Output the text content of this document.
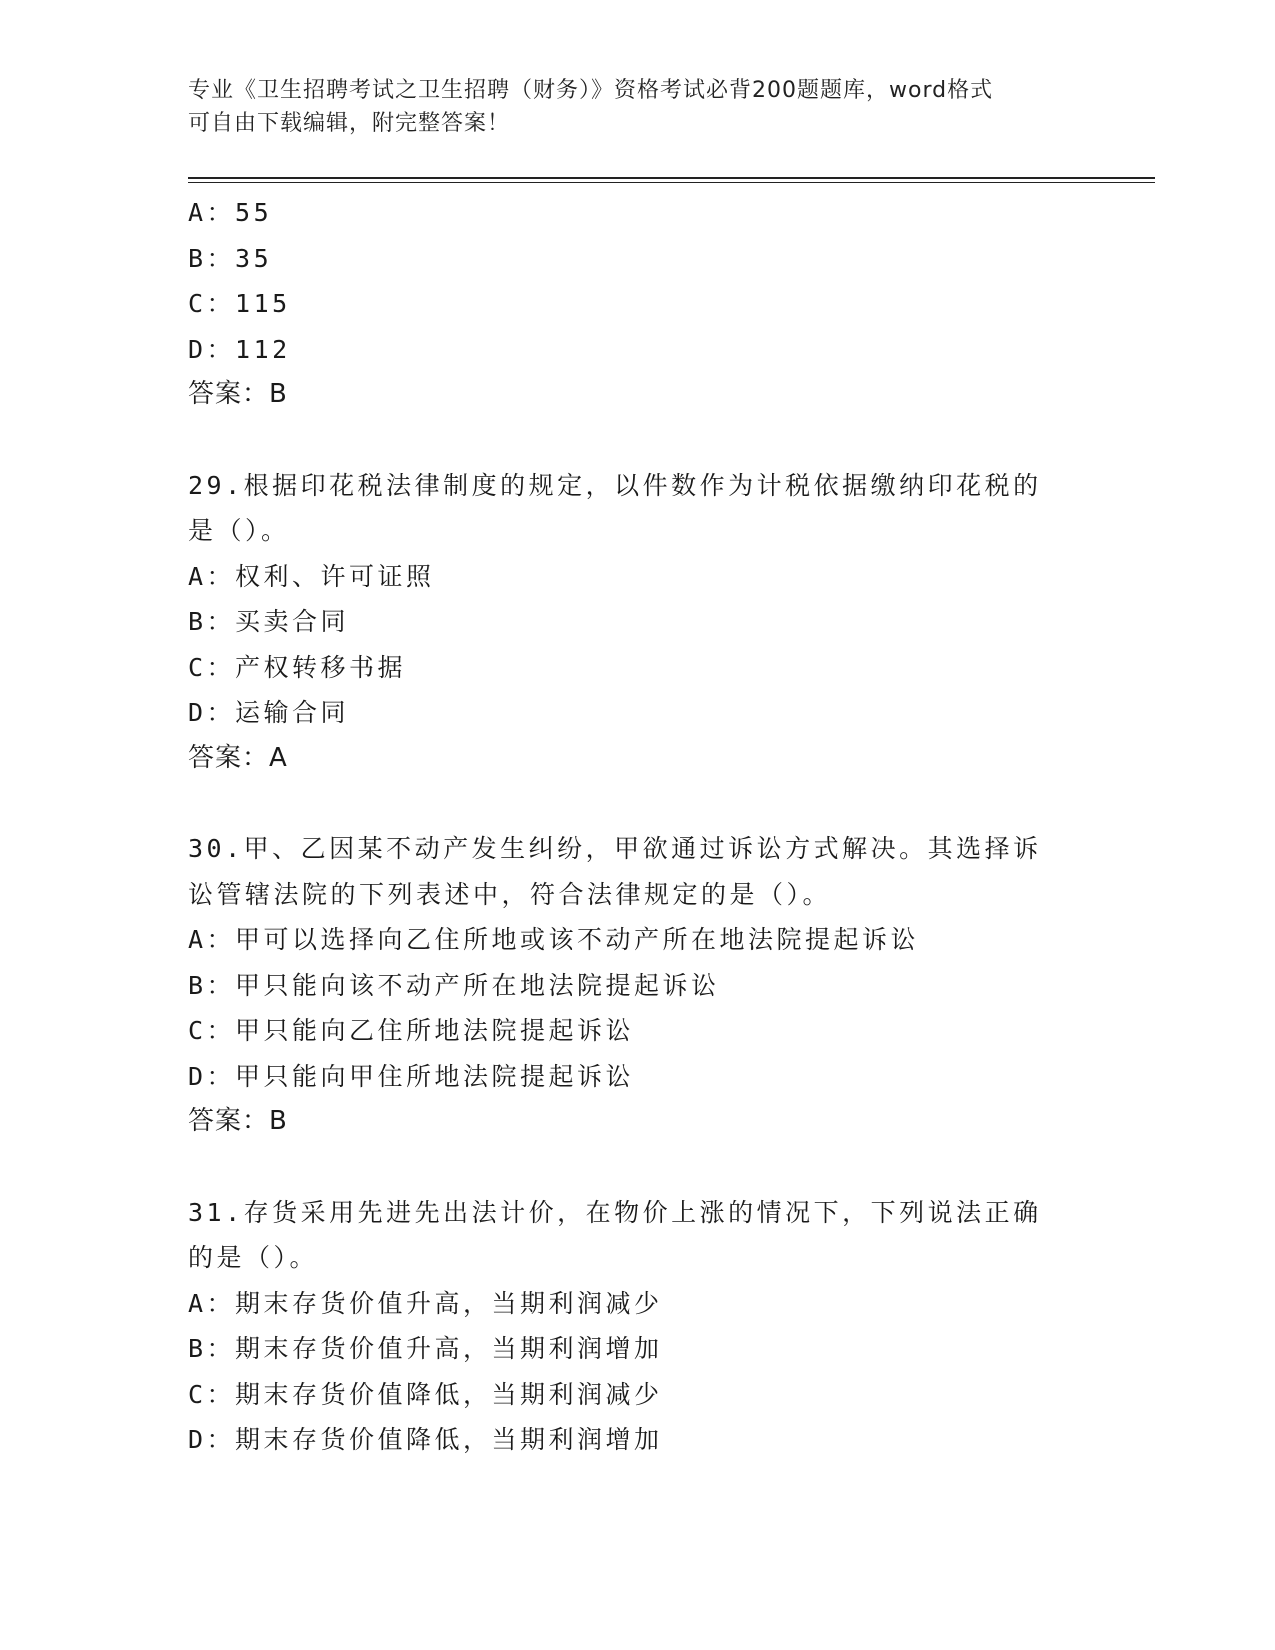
专业《卫生招聘考试之卫生招聘（财务）》资格考试必背200题题库，word格式
可自由下载编辑，附完整答案！
A：55
B：35
C：115
D：112
答案：B
29.根据印花税法律制度的规定，以件数作为计税依据缴纳印花税的是（）。
A：权利、许可证照
B：买卖合同
C：产权转移书据
D：运输合同
答案：A
30.甲、乙因某不动产发生纠纷，甲欲通过诉讼方式解决。其选择诉讼管辖法院的下列表述中，符合法律规定的是（）。
A：甲可以选择向乙住所地或该不动产所在地法院提起诉讼
B：甲只能向该不动产所在地法院提起诉讼
C：甲只能向乙住所地法院提起诉讼
D：甲只能向甲住所地法院提起诉讼
答案：B
31.存货采用先进先出法计价，在物价上涨的情况下，下列说法正确的是（）。
A：期末存货价值升高，当期利润减少
B：期末存货价值升高，当期利润增加
C：期末存货价值降低，当期利润减少
D：期末存货价值降低，当期利润增加
